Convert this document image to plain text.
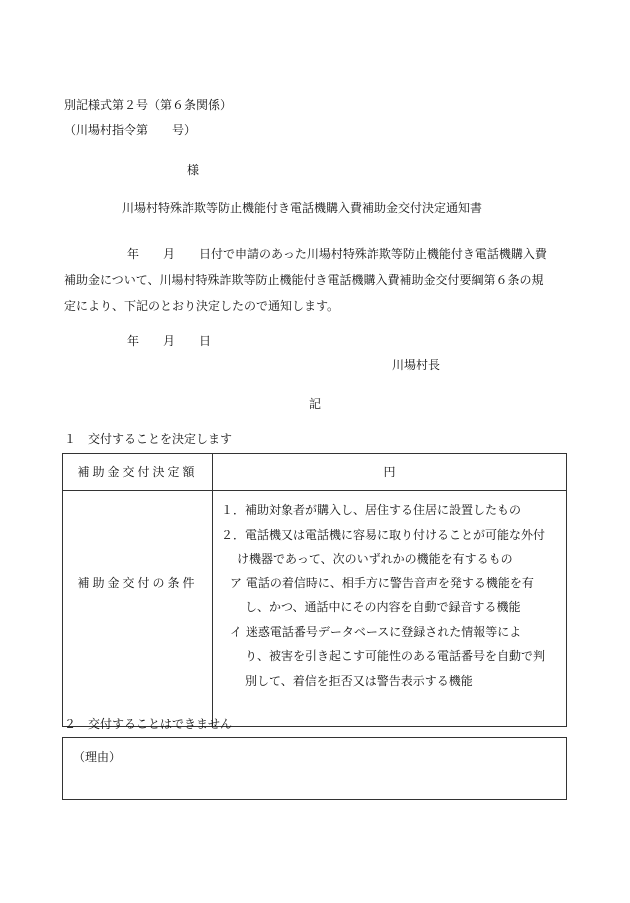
別記様式第２号（第６条関係）
（川場村指令第　　号）
様
川場村特殊詐欺等防止機能付き電話機購入費補助金交付決定通知書
年　　月　　日付で申請のあった川場村特殊詐欺等防止機能付き電話機購入費
補助金について、川場村特殊詐欺等防止機能付き電話機購入費補助金交付要綱第６条の規
定により、下記のとおり決定したので通知します。
年　　月　　日
川場村長
記
１　交付することを決定します
補助金交付決定額	円
補助金交付の条件
１．補助対象者が購入し、居住する住居に設置したもの
２．電話機又は電話機に容易に取り付けることが可能な外付
け機器であって、次のいずれかの機能を有するもの
ア 電話の着信時に、相手方に警告音声を発する機能を有
し、かつ、通話中にその内容を自動で録音する機能
イ 迷惑電話番号データベースに登録された情報等によ
り、被害を引き起こす可能性のある電話番号を自動で判
別して、着信を拒否又は警告表示する機能
２　交付することはできません
（理由）
